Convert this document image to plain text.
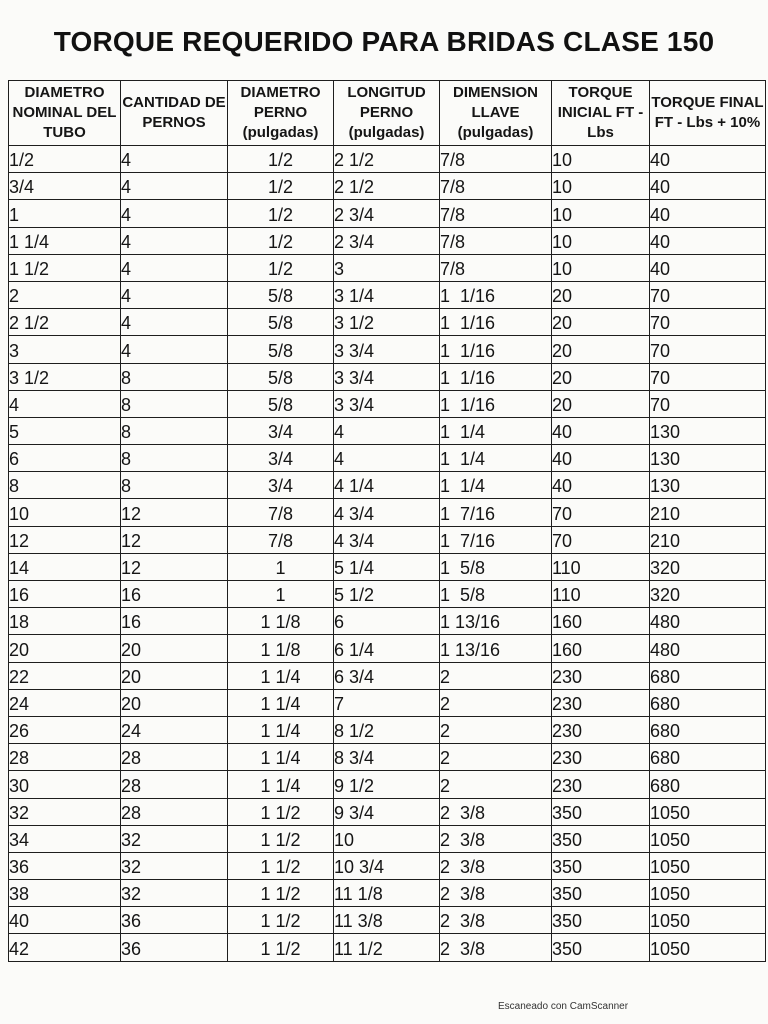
TORQUE REQUERIDO PARA BRIDAS CLASE 150
DIAMETRO NOMINAL DEL TUBO	CANTIDAD DE PERNOS	DIAMETRO PERNO (pulgadas)	LONGITUD PERNO (pulgadas)	DIMENSION LLAVE (pulgadas)	TORQUE INICIAL FT - Lbs	TORQUE FINAL FT - Lbs + 10%
1/2	4	1/2	2 1/2	7/8	10	40
3/4	4	1/2	2 1/2	7/8	10	40
1	4	1/2	2 3/4	7/8	10	40
1 1/4	4	1/2	2 3/4	7/8	10	40
1 1/2	4	1/2	3	7/8	10	40
2	4	5/8	3 1/4	1  1/16	20	70
2 1/2	4	5/8	3 1/2	1  1/16	20	70
3	4	5/8	3 3/4	1  1/16	20	70
3 1/2	8	5/8	3 3/4	1  1/16	20	70
4	8	5/8	3 3/4	1  1/16	20	70
5	8	3/4	4	1  1/4	40	130
6	8	3/4	4	1  1/4	40	130
8	8	3/4	4 1/4	1  1/4	40	130
10	12	7/8	4 3/4	1  7/16	70	210
12	12	7/8	4 3/4	1  7/16	70	210
14	12	1	5 1/4	1  5/8	110	320
16	16	1	5 1/2	1  5/8	110	320
18	16	1 1/8	6	1 13/16	160	480
20	20	1 1/8	6 1/4	1 13/16	160	480
22	20	1 1/4	6 3/4	2	230	680
24	20	1 1/4	7	2	230	680
26	24	1 1/4	8 1/2	2	230	680
28	28	1 1/4	8 3/4	2	230	680
30	28	1 1/4	9 1/2	2	230	680
32	28	1 1/2	9 3/4	2  3/8	350	1050
34	32	1 1/2	10	2  3/8	350	1050
36	32	1 1/2	10 3/4	2  3/8	350	1050
38	32	1 1/2	11 1/8	2  3/8	350	1050
40	36	1 1/2	11 3/8	2  3/8	350	1050
42	36	1 1/2	11 1/2	2  3/8	350	1050
Escaneado con CamScanner
